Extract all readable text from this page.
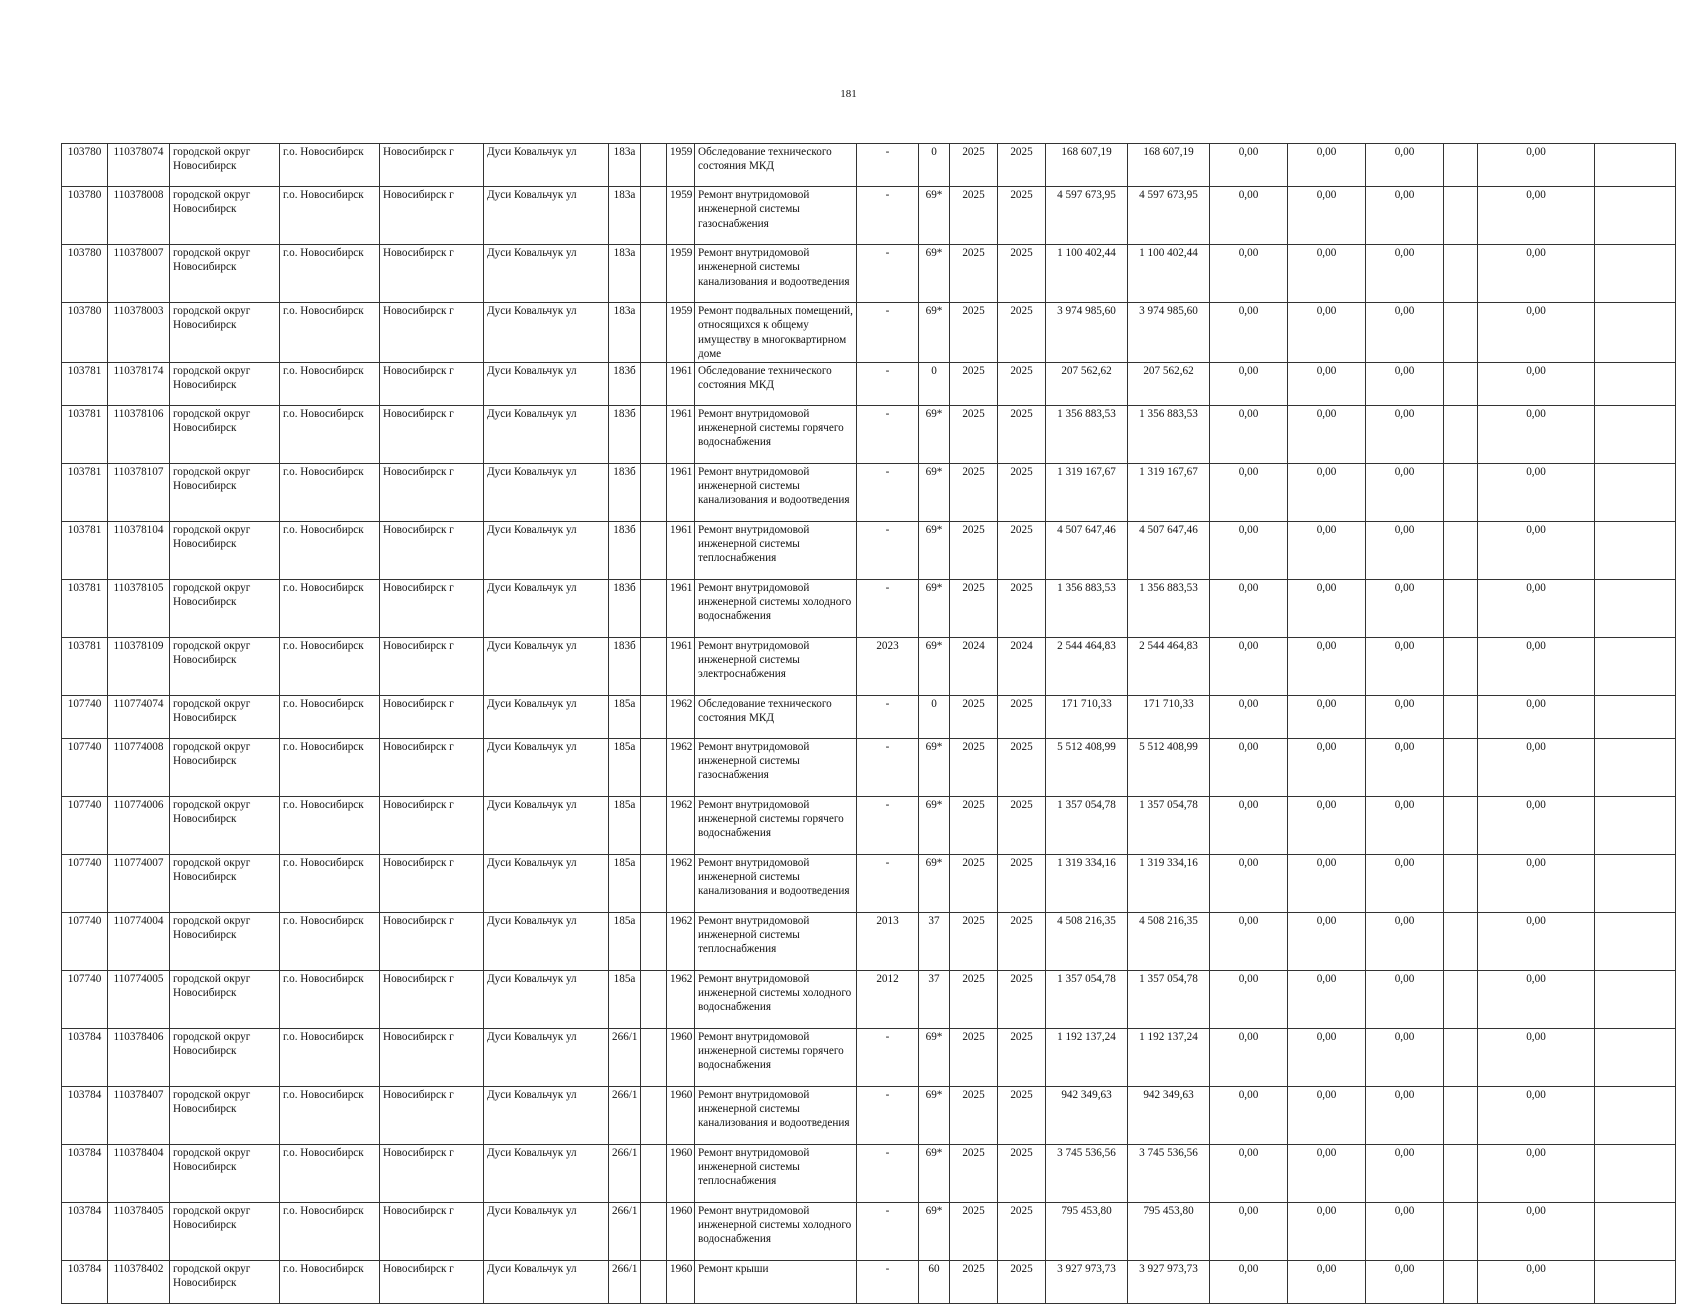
181
103780	110378074	городской округ Новосибирск	г.о. Новосибирск	Новосибирск г	Дуси Ковальчук ул	183а		1959	Обследование технического состояния МКД	-	0	2025	2025	168 607,19	168 607,19	0,00	0,00	0,00		0,00	
103780	110378008	городской округ Новосибирск	г.о. Новосибирск	Новосибирск г	Дуси Ковальчук ул	183а		1959	Ремонт внутридомовой инженерной системы газоснабжения	-	69*	2025	2025	4 597 673,95	4 597 673,95	0,00	0,00	0,00		0,00	
103780	110378007	городской округ Новосибирск	г.о. Новосибирск	Новосибирск г	Дуси Ковальчук ул	183а		1959	Ремонт внутридомовой инженерной системы канализования и водоотведения	-	69*	2025	2025	1 100 402,44	1 100 402,44	0,00	0,00	0,00		0,00	
103780	110378003	городской округ Новосибирск	г.о. Новосибирск	Новосибирск г	Дуси Ковальчук ул	183а		1959	Ремонт подвальных помещений, относящихся к общему имуществу в многоквартирном доме	-	69*	2025	2025	3 974 985,60	3 974 985,60	0,00	0,00	0,00		0,00	
103781	110378174	городской округ Новосибирск	г.о. Новосибирск	Новосибирск г	Дуси Ковальчук ул	183б		1961	Обследование технического состояния МКД	-	0	2025	2025	207 562,62	207 562,62	0,00	0,00	0,00		0,00	
103781	110378106	городской округ Новосибирск	г.о. Новосибирск	Новосибирск г	Дуси Ковальчук ул	183б		1961	Ремонт внутридомовой инженерной системы горячего водоснабжения	-	69*	2025	2025	1 356 883,53	1 356 883,53	0,00	0,00	0,00		0,00	
103781	110378107	городской округ Новосибирск	г.о. Новосибирск	Новосибирск г	Дуси Ковальчук ул	183б		1961	Ремонт внутридомовой инженерной системы канализования и водоотведения	-	69*	2025	2025	1 319 167,67	1 319 167,67	0,00	0,00	0,00		0,00	
103781	110378104	городской округ Новосибирск	г.о. Новосибирск	Новосибирск г	Дуси Ковальчук ул	183б		1961	Ремонт внутридомовой инженерной системы теплоснабжения	-	69*	2025	2025	4 507 647,46	4 507 647,46	0,00	0,00	0,00		0,00	
103781	110378105	городской округ Новосибирск	г.о. Новосибирск	Новосибирск г	Дуси Ковальчук ул	183б		1961	Ремонт внутридомовой инженерной системы холодного водоснабжения	-	69*	2025	2025	1 356 883,53	1 356 883,53	0,00	0,00	0,00		0,00	
103781	110378109	городской округ Новосибирск	г.о. Новосибирск	Новосибирск г	Дуси Ковальчук ул	183б		1961	Ремонт внутридомовой инженерной системы электроснабжения	2023	69*	2024	2024	2 544 464,83	2 544 464,83	0,00	0,00	0,00		0,00	
107740	110774074	городской округ Новосибирск	г.о. Новосибирск	Новосибирск г	Дуси Ковальчук ул	185а		1962	Обследование технического состояния МКД	-	0	2025	2025	171 710,33	171 710,33	0,00	0,00	0,00		0,00	
107740	110774008	городской округ Новосибирск	г.о. Новосибирск	Новосибирск г	Дуси Ковальчук ул	185а		1962	Ремонт внутридомовой инженерной системы газоснабжения	-	69*	2025	2025	5 512 408,99	5 512 408,99	0,00	0,00	0,00		0,00	
107740	110774006	городской округ Новосибирск	г.о. Новосибирск	Новосибирск г	Дуси Ковальчук ул	185а		1962	Ремонт внутридомовой инженерной системы горячего водоснабжения	-	69*	2025	2025	1 357 054,78	1 357 054,78	0,00	0,00	0,00		0,00	
107740	110774007	городской округ Новосибирск	г.о. Новосибирск	Новосибирск г	Дуси Ковальчук ул	185а		1962	Ремонт внутридомовой инженерной системы канализования и водоотведения	-	69*	2025	2025	1 319 334,16	1 319 334,16	0,00	0,00	0,00		0,00	
107740	110774004	городской округ Новосибирск	г.о. Новосибирск	Новосибирск г	Дуси Ковальчук ул	185а		1962	Ремонт внутридомовой инженерной системы теплоснабжения	2013	37	2025	2025	4 508 216,35	4 508 216,35	0,00	0,00	0,00		0,00	
107740	110774005	городской округ Новосибирск	г.о. Новосибирск	Новосибирск г	Дуси Ковальчук ул	185а		1962	Ремонт внутридомовой инженерной системы холодного водоснабжения	2012	37	2025	2025	1 357 054,78	1 357 054,78	0,00	0,00	0,00		0,00	
103784	110378406	городской округ Новосибирск	г.о. Новосибирск	Новосибирск г	Дуси Ковальчук ул	266/1		1960	Ремонт внутридомовой инженерной системы горячего водоснабжения	-	69*	2025	2025	1 192 137,24	1 192 137,24	0,00	0,00	0,00		0,00	
103784	110378407	городской округ Новосибирск	г.о. Новосибирск	Новосибирск г	Дуси Ковальчук ул	266/1		1960	Ремонт внутридомовой инженерной системы канализования и водоотведения	-	69*	2025	2025	942 349,63	942 349,63	0,00	0,00	0,00		0,00	
103784	110378404	городской округ Новосибирск	г.о. Новосибирск	Новосибирск г	Дуси Ковальчук ул	266/1		1960	Ремонт внутридомовой инженерной системы теплоснабжения	-	69*	2025	2025	3 745 536,56	3 745 536,56	0,00	0,00	0,00		0,00	
103784	110378405	городской округ Новосибирск	г.о. Новосибирск	Новосибирск г	Дуси Ковальчук ул	266/1		1960	Ремонт внутридомовой инженерной системы холодного водоснабжения	-	69*	2025	2025	795 453,80	795 453,80	0,00	0,00	0,00		0,00	
103784	110378402	городской округ Новосибирск	г.о. Новосибирск	Новосибирск г	Дуси Ковальчук ул	266/1		1960	Ремонт крыши	-	60	2025	2025	3 927 973,73	3 927 973,73	0,00	0,00	0,00		0,00	
